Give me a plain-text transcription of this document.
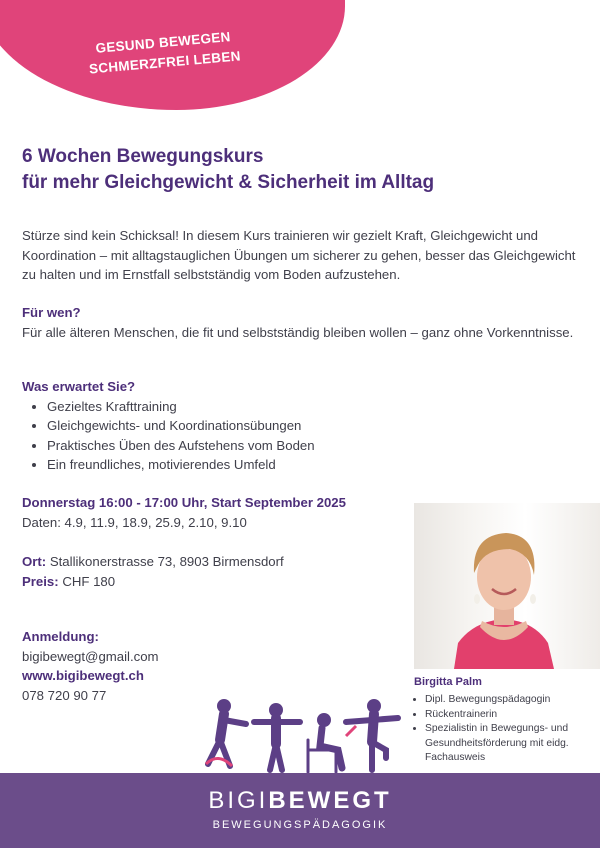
GESUND BEWEGEN
SCHMERZFREI LEBEN
6 Wochen Bewegungskurs
für mehr Gleichgewicht & Sicherheit im Alltag
Stürze sind kein Schicksal! In diesem Kurs trainieren wir gezielt Kraft, Gleichgewicht und Koordination – mit alltagstauglichen Übungen um sicherer zu gehen, besser das Gleichgewicht zu halten und im Ernstfall selbstständig vom Boden aufzustehen.
Für wen?
Für alle älteren Menschen, die fit und selbstständig bleiben wollen – ganz ohne Vorkenntnisse.
Was erwartet Sie?
• Gezieltes Krafttraining
• Gleichgewichts- und Koordinationsübungen
• Praktisches Üben des Aufstehens vom Boden
• Ein freundliches, motivierendes Umfeld
Donnerstag 16:00 - 17:00 Uhr, Start September 2025
Daten: 4.9, 11.9, 18.9, 25.9, 2.10, 9.10
Ort: Stallikonerstrasse 73, 8903 Birmensdorf
Preis: CHF 180
Anmeldung:
bigibewegt@gmail.com
www.bigibewegt.ch
078 720 90 77
Birgitta Palm
• Dipl. Bewegungspädagogin
• Rückentrainerin
• Spezialistin in Bewegungs- und Gesundheitsförderung mit eidg. Fachausweis
BIGIBEWEGT
BEWEGUNGSPÄDAGOGIK
